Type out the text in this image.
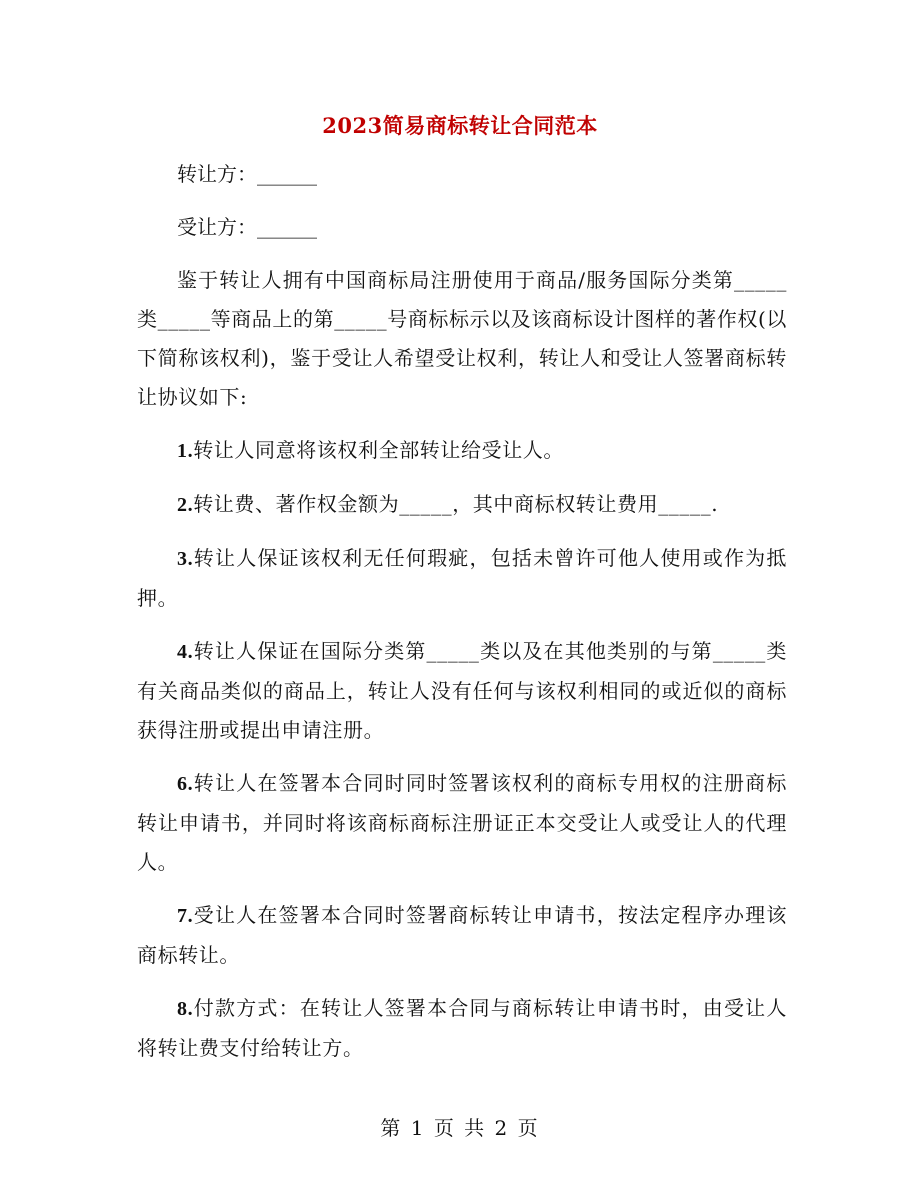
2023简易商标转让合同范本

转让方：______

受让方：______

鉴于转让人拥有中国商标局注册使用于商品/服务国际分类第_____类_____等商品上的第_____号商标标示以及该商标设计图样的著作权(以下简称该权利)，鉴于受让人希望受让权利，转让人和受让人签署商标转让协议如下:

1.转让人同意将该权利全部转让给受让人。

2.转让费、著作权金额为_____，其中商标权转让费用_____.

3.转让人保证该权利无任何瑕疵，包括未曾许可他人使用或作为抵押。

4.转让人保证在国际分类第_____类以及在其他类别的与第_____类有关商品类似的商品上，转让人没有任何与该权利相同的或近似的商标获得注册或提出申请注册。

6.转让人在签署本合同时同时签署该权利的商标专用权的注册商标转让申请书，并同时将该商标商标注册证正本交受让人或受让人的代理人。

7.受让人在签署本合同时签署商标转让申请书，按法定程序办理该商标转让。

8.付款方式：在转让人签署本合同与商标转让申请书时，由受让人将转让费支付给转让方。

第 1 页 共 2 页
